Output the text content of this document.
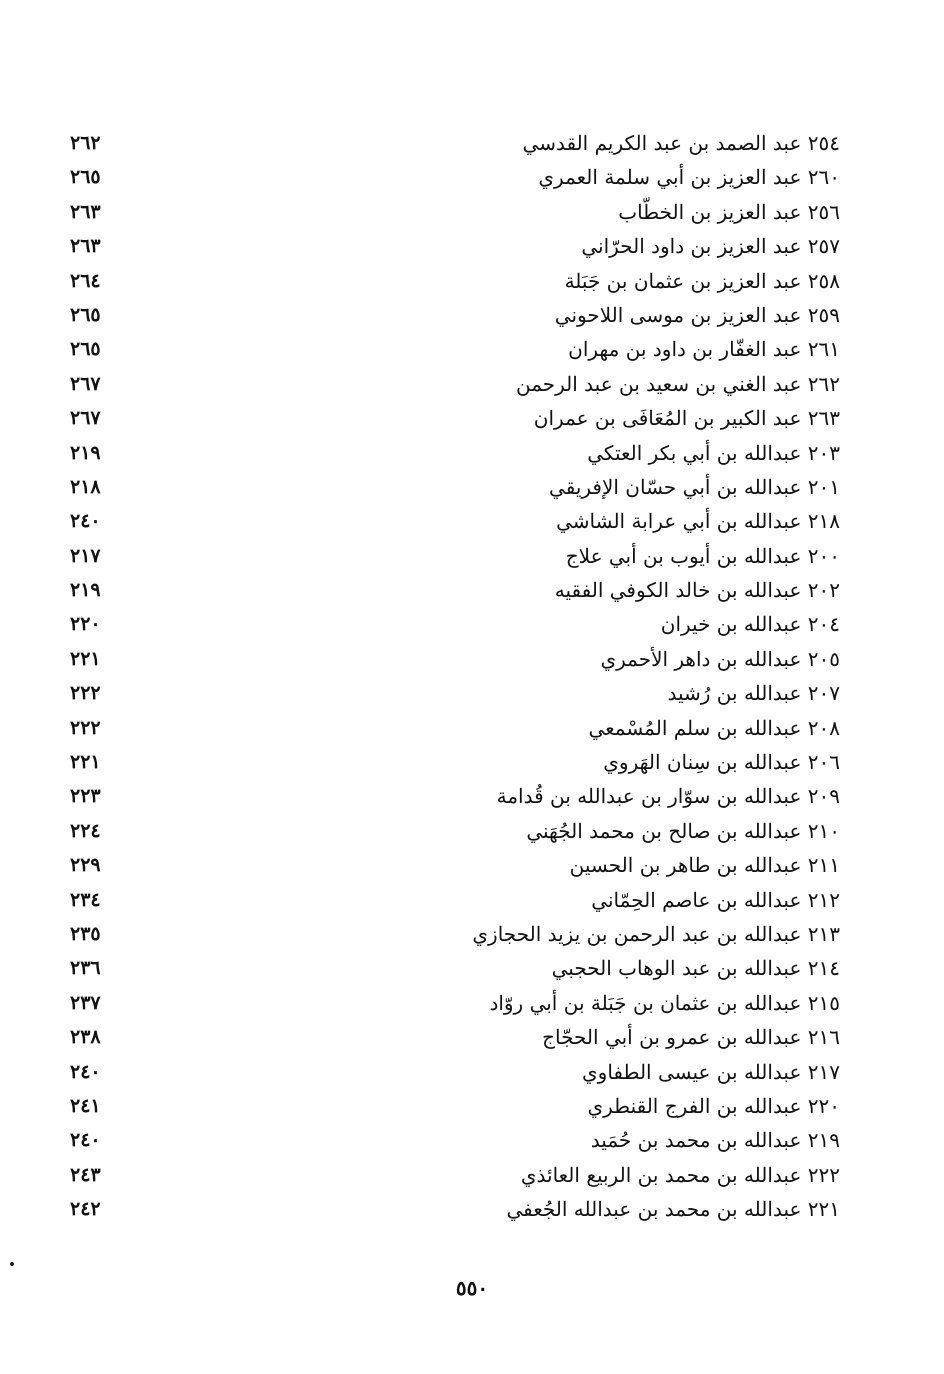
٢٥٤ عبد الصمد بن عبد الكريم القدسي
٢٦٢
٢٦٠ عبد العزيز بن أبي سلمة العمري
٢٦٥
٢٥٦ عبد العزيز بن الخطّاب
٢٦٣
٢٥٧ عبد العزيز بن داود الحرّاني
٢٦٣
٢٥٨ عبد العزيز بن عثمان بن جَبَلة
٢٦٤
٢٥٩ عبد العزيز بن موسى اللاحوني
٢٦٥
٢٦١ عبد الغفّار بن داود بن مهران
٢٦٥
٢٦٢ عبد الغني بن سعيد بن عبد الرحمن
٢٦٧
٢٦٣ عبد الكبير بن المُعَافَى بن عمران
٢٦٧
٢٠٣ عبدالله بن أبي بكر العتكي
٢١٩
٢٠١ عبدالله بن أبي حسّان الإفريقي
٢١٨
٢١٨ عبدالله بن أبي عرابة الشاشي
٢٤٠
٢٠٠ عبدالله بن أيوب بن أبي علاج
٢١٧
٢٠٢ عبدالله بن خالد الكوفي الفقيه
٢١٩
٢٠٤ عبدالله بن خيران
٢٢٠
٢٠٥ عبدالله بن داهر الأحمري
٢٢١
٢٠٧ عبدالله بن رُشيد
٢٢٢
٢٠٨ عبدالله بن سلم المُسْمعي
٢٢٢
٢٠٦ عبدالله بن سِنان الهَروي
٢٢١
٢٠٩ عبدالله بن سوّار بن عبدالله بن قُدامة
٢٢٣
٢١٠ عبدالله بن صالح بن محمد الجُهَني
٢٢٤
٢١١ عبدالله بن طاهر بن الحسين
٢٢٩
٢١٢ عبدالله بن عاصم الحِمّاني
٢٣٤
٢١٣ عبدالله بن عبد الرحمن بن يزيد الحجازي
٢٣٥
٢١٤ عبدالله بن عبد الوهاب الحجبي
٢٣٦
٢١٥ عبدالله بن عثمان بن جَبَلة بن أبي روّاد
٢٣٧
٢١٦ عبدالله بن عمرو بن أبي الحجّاج
٢٣٨
٢١٧ عبدالله بن عيسى الطفاوي
٢٤٠
٢٢٠ عبدالله بن الفرج القنطري
٢٤١
٢١٩ عبدالله بن محمد بن حُمَيد
٢٤٠
٢٢٢ عبدالله بن محمد بن الربيع العائذي
٢٤٣
٢٢١ عبدالله بن محمد بن عبدالله الجُعفي
٢٤٢
٥٥٠
